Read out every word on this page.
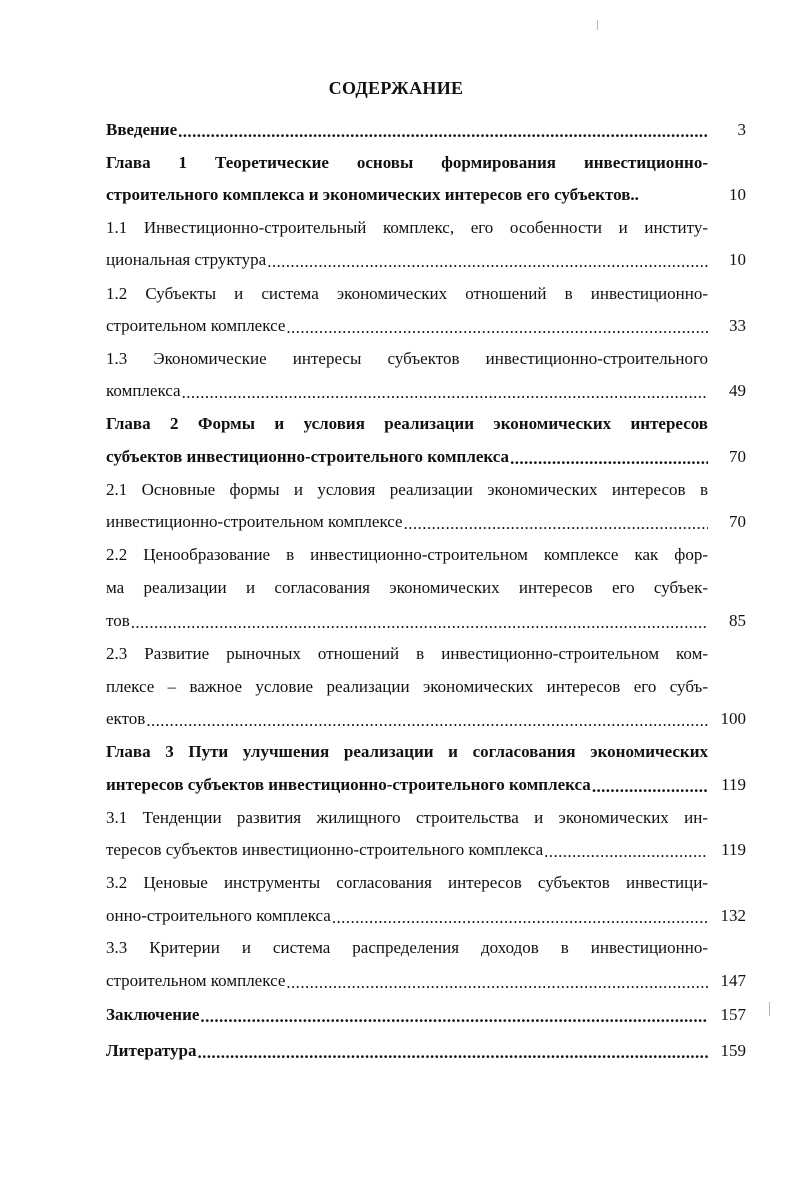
СОДЕРЖАНИЕ
Введение .....	3
Глава 1 Теоретические основы формирования инвестиционно-
строительного комплекса и экономических интересов его субъектов..	10
1.1 Инвестиционно-строительный комплекс, его особенности и институ-
циональная структура .....	10
1.2 Субъекты и система экономических отношений в инвестиционно-
строительном комплексе .....	33
1.3 Экономические интересы субъектов инвестиционно-строительного
комплекса .....	49
Глава 2 Формы и условия реализации экономических интересов
субъектов инвестиционно-строительного комплекса .....	70
2.1 Основные формы и условия реализации экономических интересов в
инвестиционно-строительном комплексе .....	70
2.2 Ценообразование в инвестиционно-строительном комплексе как фор-
ма реализации и согласования экономических интересов его субъек-
тов .....	85
2.3 Развитие рыночных отношений в инвестиционно-строительном ком-
плексе – важное условие реализации экономических интересов его субъ-
ектов .....	100
Глава 3 Пути улучшения реализации и согласования экономических
интересов субъектов инвестиционно-строительного комплекса .....	119
3.1 Тенденции развития жилищного строительства и экономических ин-
тересов субъектов инвестиционно-строительного комплекса .....	119
3.2 Ценовые инструменты согласования интересов субъектов инвестици-
онно-строительного комплекса .....	132
3.3 Критерии и система распределения доходов в инвестиционно-
строительном комплексе .....	147
Заключение .....	157
Литература .....	159
